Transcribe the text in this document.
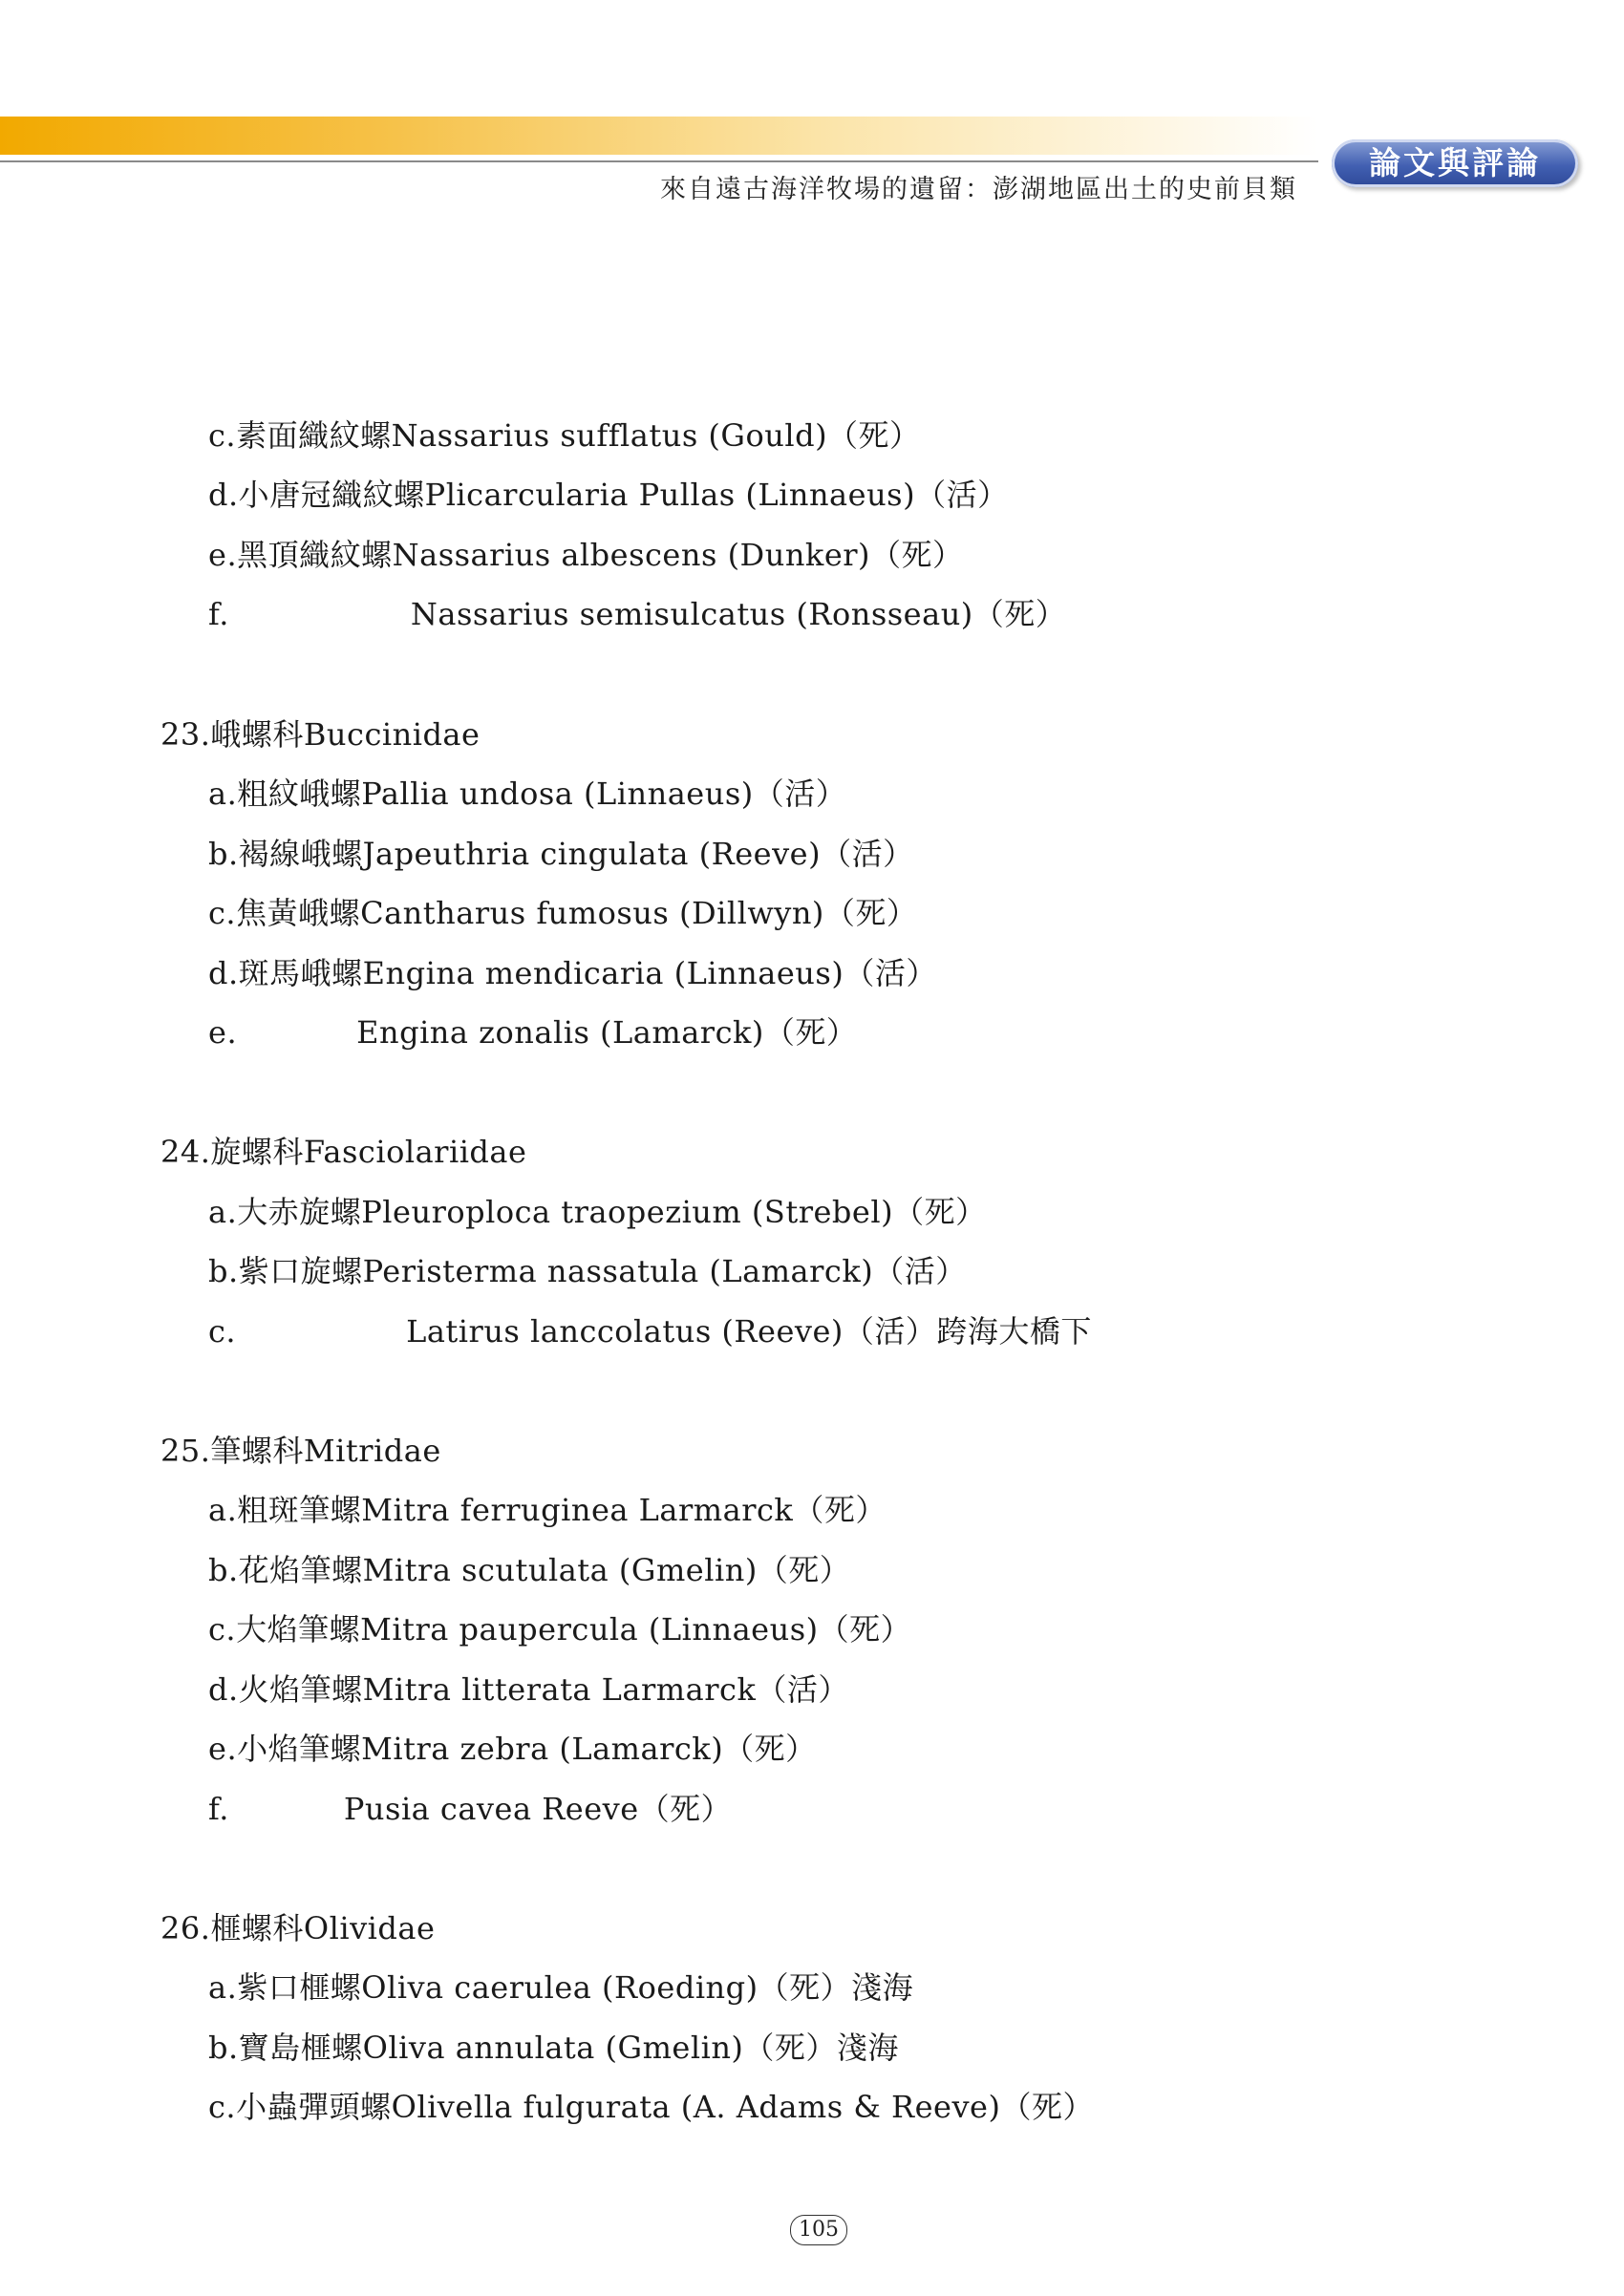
來自遠古海洋牧場的遺留：澎湖地區出土的史前貝類
論文與評論
c.素面織紋螺Nassarius sufflatus (Gould)（死）
d.小唐冠織紋螺Plicarcularia Pullas (Linnaeus)（活）
e.黑頂織紋螺Nassarius albescens (Dunker)（死）
f.	Nassarius semisulcatus (Ronsseau)（死）
23.峨螺科Buccinidae
a.粗紋峨螺Pallia undosa (Linnaeus)（活）
b.褐線峨螺Japeuthria cingulata (Reeve)（活）
c.焦黃峨螺Cantharus fumosus (Dillwyn)（死）
d.斑馬峨螺Engina mendicaria (Linnaeus)（活）
e.	Engina zonalis (Lamarck)（死）
24.旋螺科Fasciolariidae
a.大赤旋螺Pleuroploca traopezium (Strebel)（死）
b.紫口旋螺Peristerma nassatula (Lamarck)（活）
c.	Latirus lanccolatus (Reeve)（活）跨海大橋下
25.筆螺科Mitridae
a.粗斑筆螺Mitra ferruginea Larmarck（死）
b.花焰筆螺Mitra scutulata (Gmelin)（死）
c.大焰筆螺Mitra paupercula (Linnaeus)（死）
d.火焰筆螺Mitra litterata Larmarck（活）
e.小焰筆螺Mitra zebra (Lamarck)（死）
f.	Pusia cavea Reeve（死）
26.榧螺科Olividae
a.紫口榧螺Oliva caerulea (Roeding)（死）淺海
b.寶島榧螺Oliva annulata (Gmelin)（死）淺海
c.小蟲彈頭螺Olivella fulgurata (A. Adams & Reeve)（死）
105
